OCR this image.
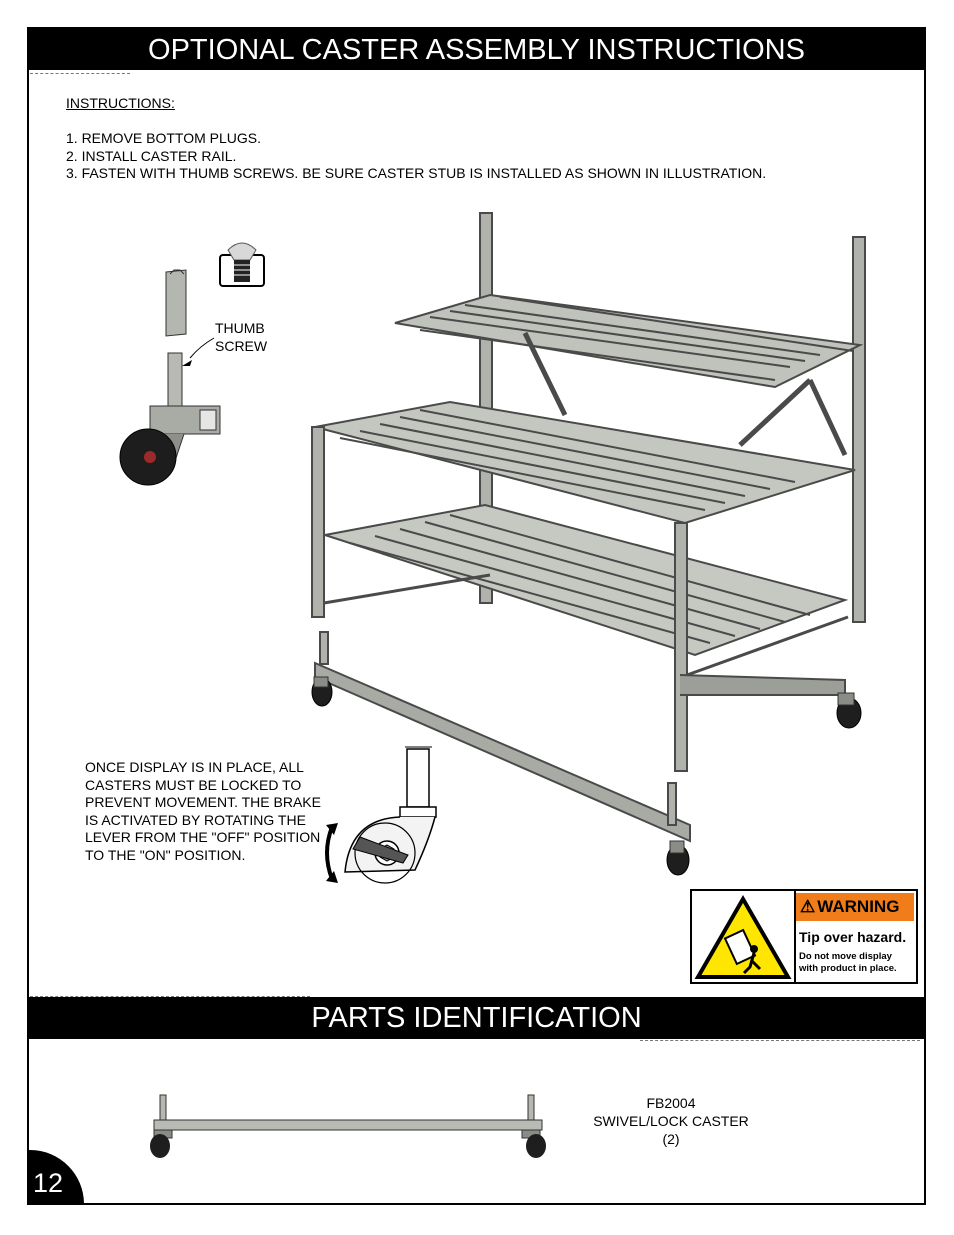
OPTIONAL CASTER ASSEMBLY INSTRUCTIONS
INSTRUCTIONS:
1. REMOVE BOTTOM PLUGS.
2. INSTALL CASTER RAIL.
3. FASTEN WITH THUMB SCREWS. BE SURE CASTER STUB IS INSTALLED AS SHOWN IN ILLUSTRATION.
THUMB
SCREW
ONCE DISPLAY IS IN PLACE, ALL CASTERS MUST BE LOCKED TO PREVENT MOVEMENT. THE BRAKE IS ACTIVATED BY ROTATING THE LEVER FROM THE "OFF" POSITION TO THE "ON" POSITION.
⚠ WARNING
Tip over hazard.
Do not move display with product in place.
PARTS IDENTIFICATION
FB2004
SWIVEL/LOCK CASTER
(2)
12
